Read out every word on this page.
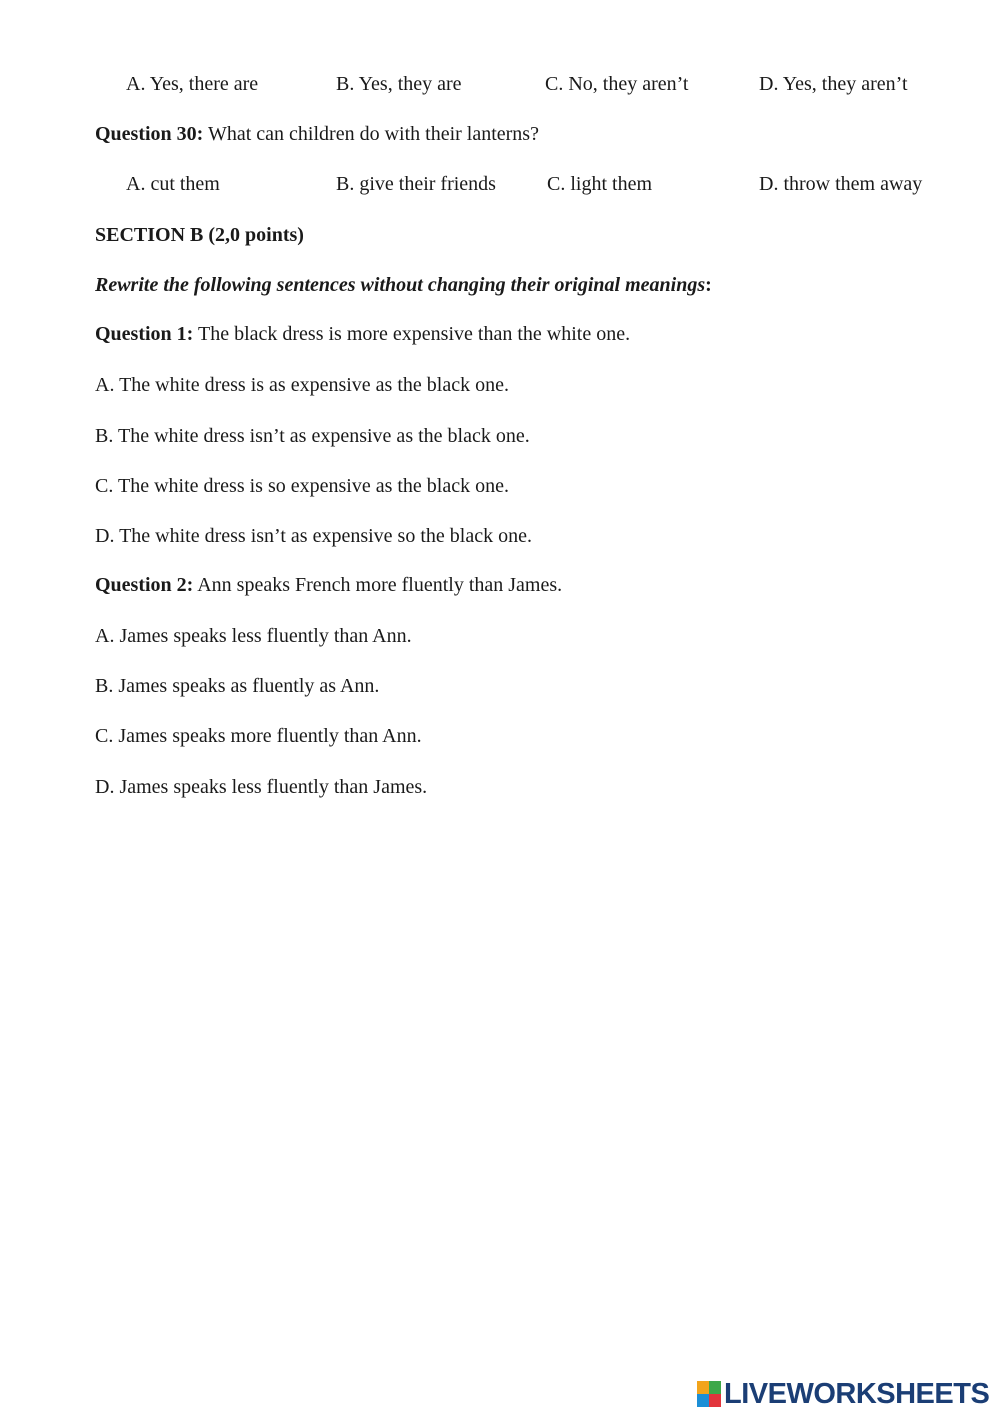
A. Yes, there are	B. Yes, they are	C. No, they aren’t	D. Yes, they aren’t
Question 30: What can children do with their lanterns?
A. cut them	B. give their friends	C. light them	D. throw them away
SECTION B (2,0 points)
Rewrite the following sentences without changing their original meanings:
Question 1: The black dress is more expensive than the white one.
A. The white dress is as expensive as the black one.
B. The white dress isn’t as expensive as the black one.
C. The white dress is so expensive as the black one.
D. The white dress isn’t as expensive so the black one.
Question 2: Ann speaks French more fluently than James.
A. James speaks less fluently than Ann.
B. James speaks as fluently as Ann.
C. James speaks more fluently than Ann.
D. James speaks less fluently than James.
LIVEWORKSHEETS
